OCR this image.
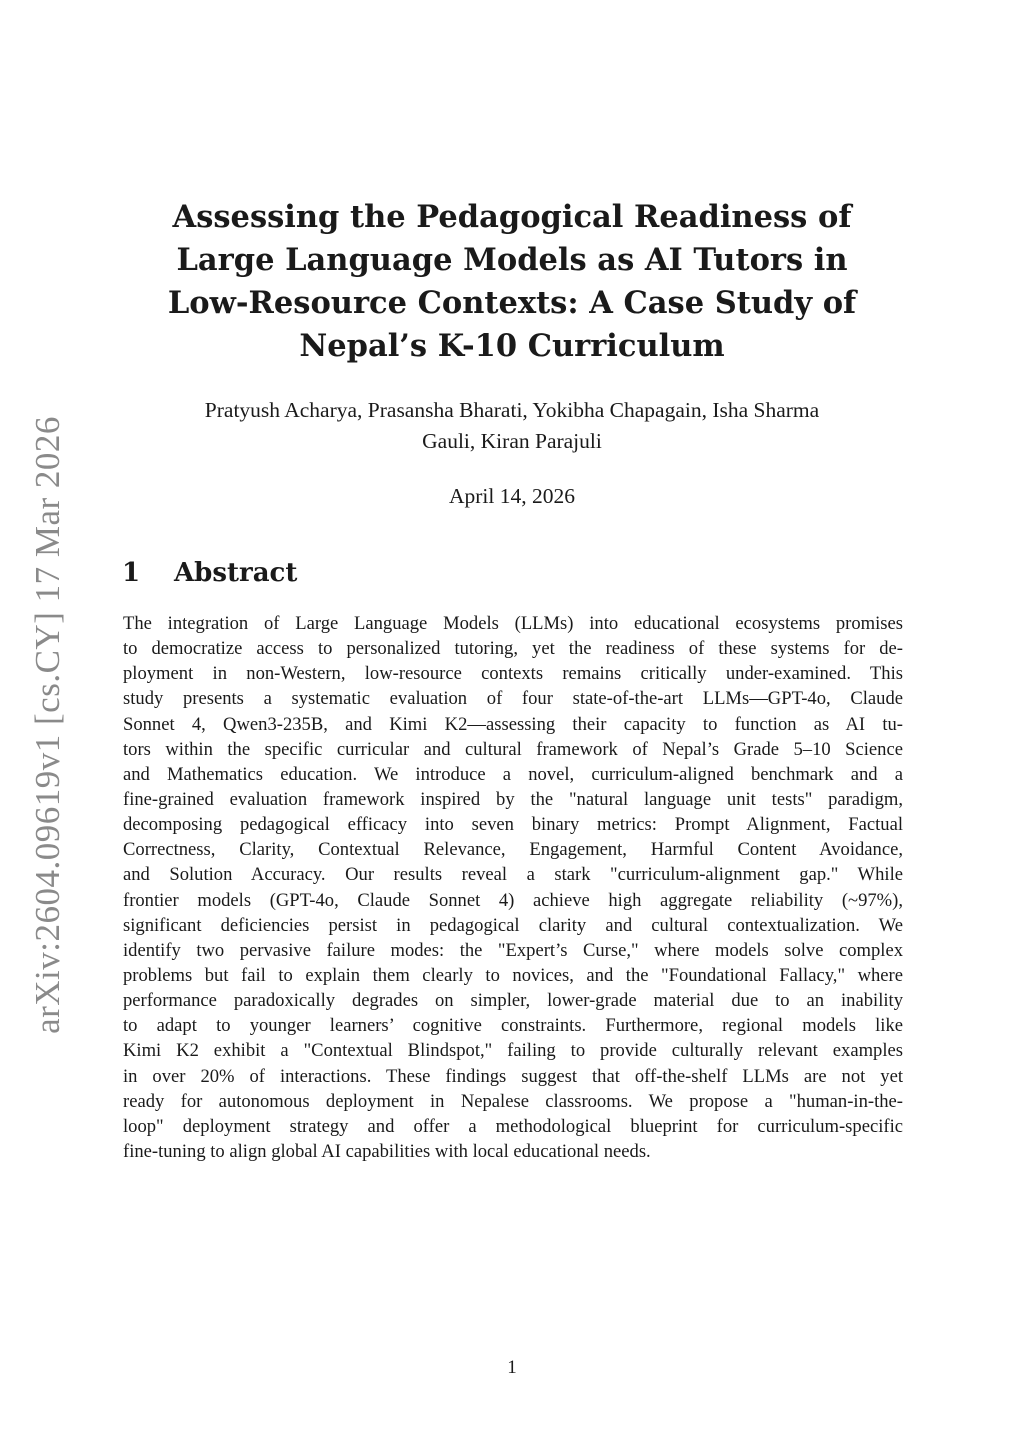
arXiv:2604.09619v1 [cs.CY] 17 Mar 2026
Assessing the Pedagogical Readiness of
Large Language Models as AI Tutors in
Low-Resource Contexts: A Case Study of
Nepal’s K-10 Curriculum
Pratyush Acharya, Prasansha Bharati, Yokibha Chapagain, Isha Sharma
Gauli, Kiran Parajuli
April 14, 2026
1 Abstract
The integration of Large Language Models (LLMs) into educational ecosystems promises
to democratize access to personalized tutoring, yet the readiness of these systems for de-
ployment in non-Western, low-resource contexts remains critically under-examined. This
study presents a systematic evaluation of four state-of-the-art LLMs—GPT-4o, Claude
Sonnet 4, Qwen3-235B, and Kimi K2—assessing their capacity to function as AI tu-
tors within the specific curricular and cultural framework of Nepal’s Grade 5–10 Science
and Mathematics education. We introduce a novel, curriculum-aligned benchmark and a
fine-grained evaluation framework inspired by the "natural language unit tests" paradigm,
decomposing pedagogical efficacy into seven binary metrics: Prompt Alignment, Factual
Correctness, Clarity, Contextual Relevance, Engagement, Harmful Content Avoidance,
and Solution Accuracy. Our results reveal a stark "curriculum-alignment gap." While
frontier models (GPT-4o, Claude Sonnet 4) achieve high aggregate reliability (~97%),
significant deficiencies persist in pedagogical clarity and cultural contextualization. We
identify two pervasive failure modes: the "Expert’s Curse," where models solve complex
problems but fail to explain them clearly to novices, and the "Foundational Fallacy," where
performance paradoxically degrades on simpler, lower-grade material due to an inability
to adapt to younger learners’ cognitive constraints. Furthermore, regional models like
Kimi K2 exhibit a "Contextual Blindspot," failing to provide culturally relevant examples
in over 20% of interactions. These findings suggest that off-the-shelf LLMs are not yet
ready for autonomous deployment in Nepalese classrooms. We propose a "human-in-the-
loop" deployment strategy and offer a methodological blueprint for curriculum-specific
fine-tuning to align global AI capabilities with local educational needs.
1
